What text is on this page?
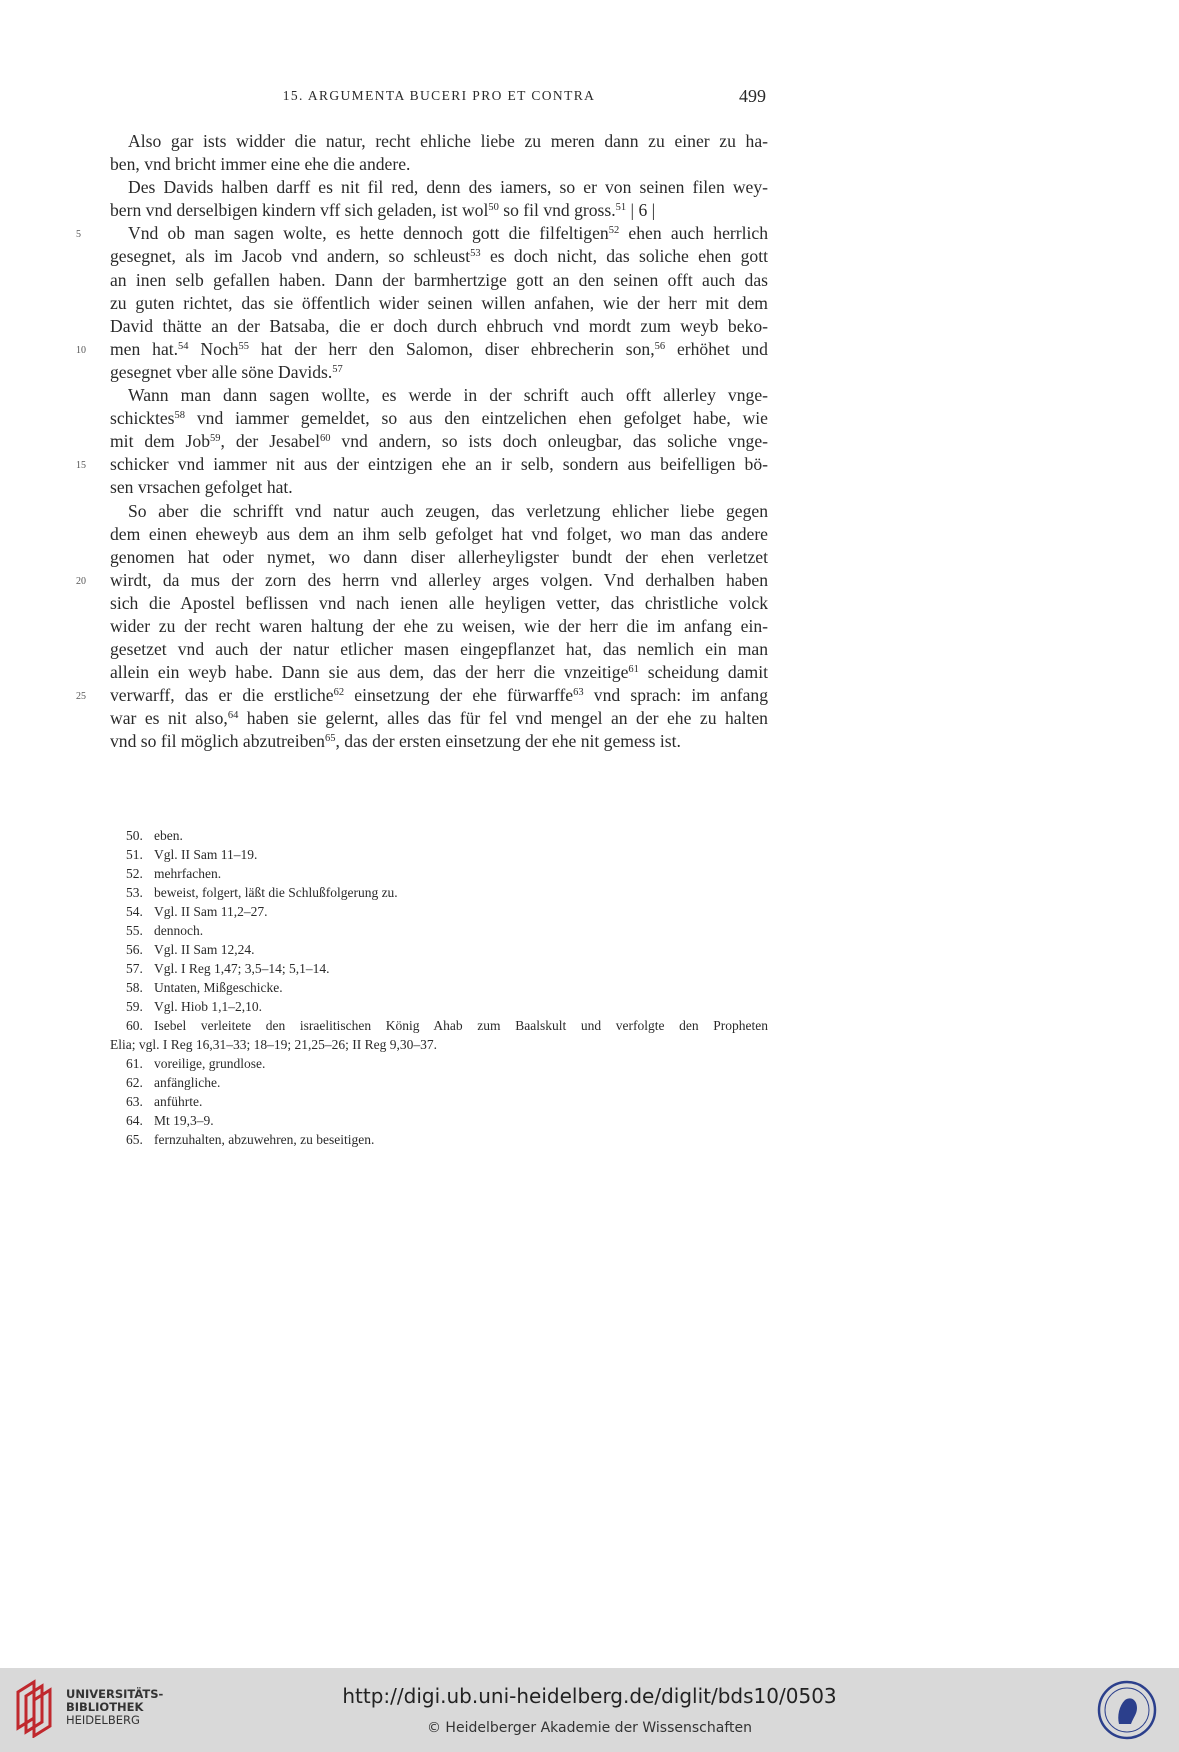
15. ARGUMENTA BUCERI PRO ET CONTRA	499
Also gar ists widder die natur, recht ehliche liebe zu meren dann zu einer zu ha-
ben, vnd bricht immer eine ehe die andere.
Des Davids halben darff es nit fil red, denn des iamers, so er von seinen filen wey-
bern vnd derselbigen kindern vff sich geladen, ist wol$^{50}$ so fil vnd gross.$^{51}$ | 6 |
5	Vnd ob man sagen wolte, es hette dennoch gott die filfeltigen$^{52}$ ehen auch herrlich
gesegnet, als im Jacob vnd andern, so schleust$^{53}$ es doch nicht, das soliche ehen gott
an inen selb gefallen haben. Dann der barmhertzige gott an den seinen offt auch das
zu guten richtet, das sie öffentlich wider seinen willen anfahen, wie der herr mit dem
David thätte an der Batsaba, die er doch durch ehbruch vnd mordt zum weyb beko-
10 men hat.$^{54}$ Noch$^{55}$ hat der herr den Salomon, diser ehbrecherin son,$^{56}$ erhöhet und
gesegnet vber alle söne Davids.$^{57}$
Wann man dann sagen wollte, es werde in der schrift auch offt allerley vnge-
schicktes$^{58}$ vnd iammer gemeldet, so aus den eintzelichen ehen gefolget habe, wie
mit dem Job$^{59}$, der Jesabel$^{60}$ vnd andern, so ists doch onleugbar, das soliche vnge-
15 schicker vnd iammer nit aus der eintzigen ehe an ir selb, sondern aus beifelligen bö-
sen vrsachen gefolget hat.
So aber die schrifft vnd natur auch zeugen, das verletzung ehlicher liebe gegen
dem einen eheweyb aus dem an ihm selb gefolget hat vnd folget, wo man das andere
genomen hat oder nymet, wo dann diser allerheyligster bundt der ehen verletzet
20 wirdt, da mus der zorn des herrn vnd allerley arges volgen. Vnd derhalben haben
sich die Apostel beflissen vnd nach ienen alle heyligen vetter, das christliche volck
wider zu der recht waren haltung der ehe zu weisen, wie der herr die im anfang ein-
gesetzet vnd auch der natur etlicher masen eingepflanzet hat, das nemlich ein man
allein ein weyb habe. Dann sie aus dem, das der herr die vnzeitige$^{61}$ scheidung damit
25 verwarff, das er die erstliche$^{62}$ einsetzung der ehe fürwarffe$^{63}$ vnd sprach: im anfang
war es nit also,$^{64}$ haben sie gelernt, alles das für fel vnd mengel an der ehe zu halten
vnd so fil möglich abzutreiben$^{65}$, das der ersten einsetzung der ehe nit gemess ist.
50. eben.
51. Vgl. II Sam 11–19.
52. mehrfachen.
53. beweist, folgert, läßt die Schlußfolgerung zu.
54. Vgl. II Sam 11,2–27.
55. dennoch.
56. Vgl. II Sam 12,24.
57. Vgl. I Reg 1,47; 3,5–14; 5,1–14.
58. Untaten, Mißgeschicke.
59. Vgl. Hiob 1,1–2,10.
60. Isebel verleitete den israelitischen König Ahab zum Baalskult und verfolgte den Propheten
Elia; vgl. I Reg 16,31–33; 18–19; 21,25–26; II Reg 9,30–37.
61. voreilige, grundlose.
62. anfängliche.
63. anführte.
64. Mt 19,3–9.
65. fernzuhalten, abzuwehren, zu beseitigen.
UNIVERSITÄTS-
BIBLIOTHEK
HEIDELBERG
http://digi.ub.uni-heidelberg.de/diglit/bds10/0503
© Heidelberger Akademie der Wissenschaften
